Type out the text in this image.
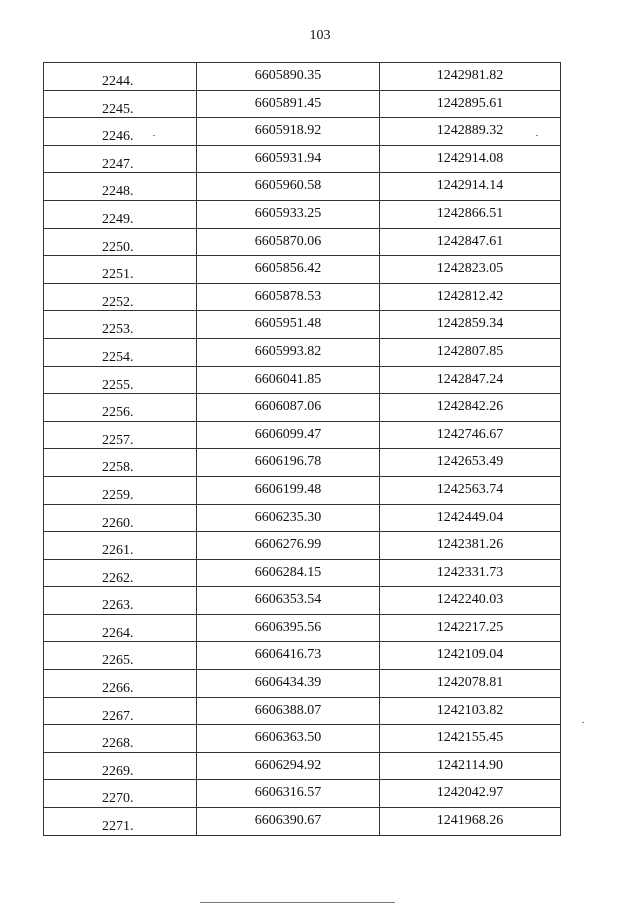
103
2244.	6605890.35	1242981.82

2245.	6605891.45	1242895.61

2246.	6605918.92	1242889.32

2247.	6605931.94	1242914.08

2248.	6605960.58	1242914.14

2249.	6605933.25	1242866.51

2250.	6605870.06	1242847.61

2251.	6605856.42	1242823.05

2252.	6605878.53	1242812.42

2253.	6605951.48	1242859.34

2254.	6605993.82	1242807.85

2255.	6606041.85	1242847.24

2256.	6606087.06	1242842.26

2257.	6606099.47	1242746.67

2258.	6606196.78	1242653.49

2259.	6606199.48	1242563.74

2260.	6606235.30	1242449.04

2261.	6606276.99	1242381.26

2262.	6606284.15	1242331.73

2263.	6606353.54	1242240.03

2264.	6606395.56	1242217.25

2265.	6606416.73	1242109.04

2266.	6606434.39	1242078.81

2267.	6606388.07	1242103.82

2268.	6606363.50	1242155.45

2269.	6606294.92	1242114.90

2270.	6606316.57	1242042.97

2271.	6606390.67	1241968.26
